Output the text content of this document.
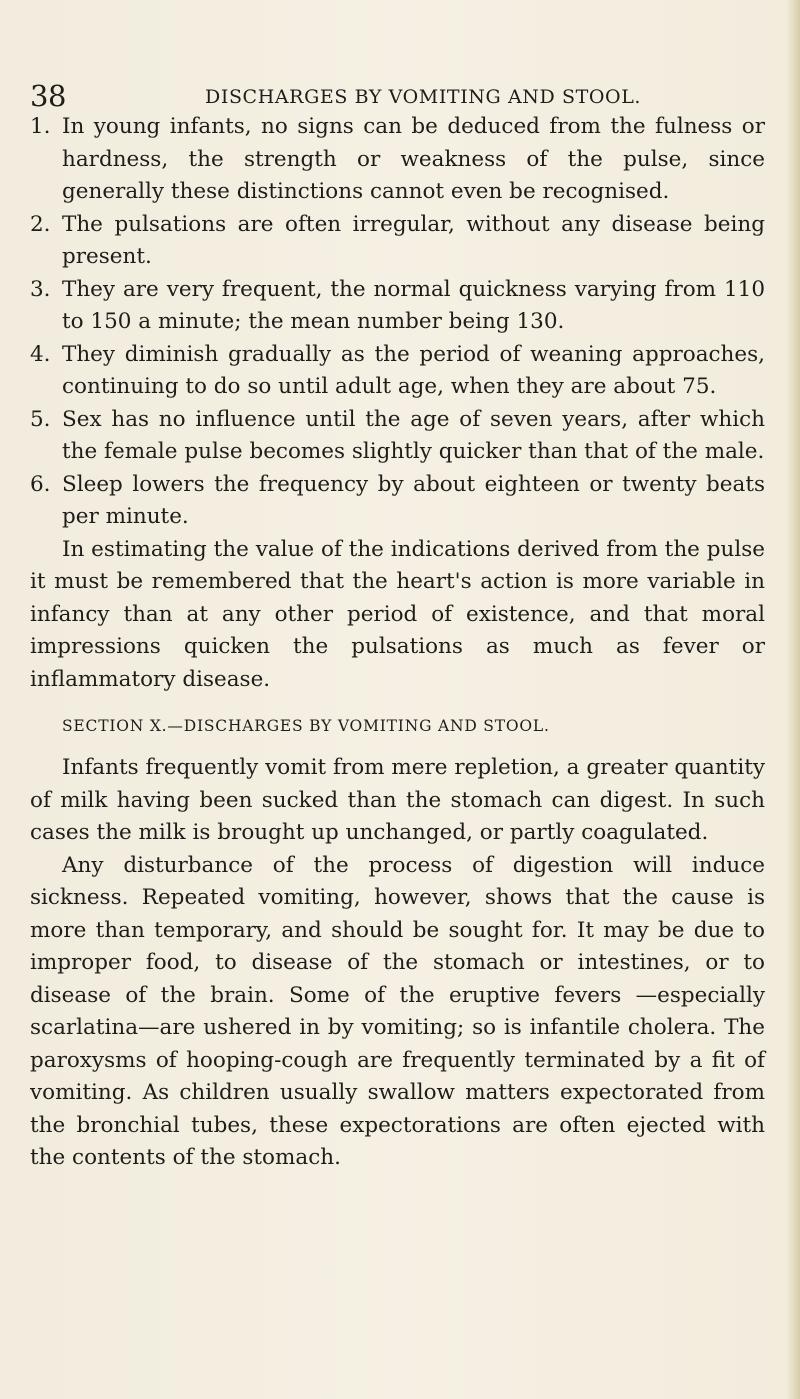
38	DISCHARGES BY VOMITING AND STOOL.
1. In young infants, no signs can be deduced from the fulness or hardness, the strength or weakness of the pulse, since generally these distinctions cannot even be recognised.
2. The pulsations are often irregular, without any disease being present.
3. They are very frequent, the normal quickness varying from 110 to 150 a minute; the mean number being 130.
4. They diminish gradually as the period of weaning approaches, continuing to do so until adult age, when they are about 75.
5. Sex has no influence until the age of seven years, after which the female pulse becomes slightly quicker than that of the male.
6. Sleep lowers the frequency by about eighteen or twenty beats per minute.

In estimating the value of the indications derived from the pulse it must be remembered that the heart's action is more variable in infancy than at any other period of existence, and that moral impressions quicken the pulsations as much as fever or inflammatory disease.

SECTION X.—DISCHARGES BY VOMITING AND STOOL.

Infants frequently vomit from mere repletion, a greater quantity of milk having been sucked than the stomach can digest. In such cases the milk is brought up unchanged, or partly coagulated.

Any disturbance of the process of digestion will induce sickness. Repeated vomiting, however, shows that the cause is more than temporary, and should be sought for. It may be due to improper food, to disease of the stomach or intestines, or to disease of the brain. Some of the eruptive fevers —especially scarlatina—are ushered in by vomiting; so is infantile cholera. The paroxysms of hooping-cough are frequently terminated by a fit of vomiting. As children usually swallow matters expectorated from the bronchial tubes, these expectorations are often ejected with the contents of the stomach.
